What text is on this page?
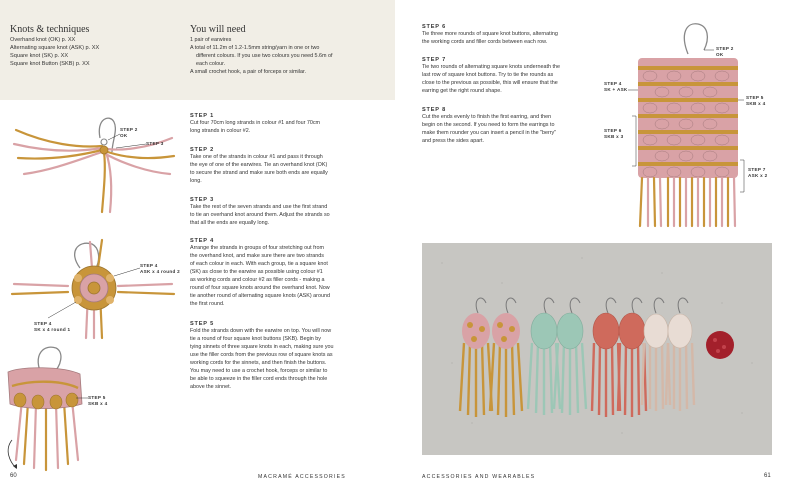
Knots & techniques
Overhand knot (OK) p. XX
Alternating square knot (ASK) p. XX
Square knot (SK) p. XX
Square knot Button (SKB) p. XX
You will need
1 pair of earwires
A total of 11.2m of 1.2-1.5mm string/yarn in one or two
different colours. If you use two colours you need 5.6m of
each colour.
A small crochet hook, a pair of forceps or similar.
STEP 1

Cut four 70cm long strands in colour #1 and four 70cm

long strands in colour #2.

STEP 2

Take one of the strands in colour #1 and pass it through

the eye of one of the earwires. Tie an overhand knot (OK)

to secure the strand and make sure both ends are equally

long.

STEP 3

Take the rest of the seven strands and use the first strand

to tie an overhand knot around them. Adjust the strands so

that all the ends are equally long.

STEP 4

Arrange the strands in groups of four stretching out from

the overhand knot, and make sure there are two strands

of each colour in each. With each group, tie a square knot

(SK) as close to the earwire as possible using colour #1

as working cords and colour #2 as filler cords - making a

round of four square knots around the overhand knot. Now

tie another round of alternating square knots (ASK) around

the first round.

STEP 5

Fold the strands down with the earwire on top. You will now

tie a round of four square knot buttons (SKB). Begin by

tying sinnets of three square knots in each, making sure you

use the filler cords from the previous row of square knots as

working cords for the sinnets, and then finish the buttons.

You may need to use a crochet hook, forceps or similar to

be able to squeeze in the filler cord ends through the hole

above the sinnet.

STEP 2
OK
STEP 3
STEP 4
ASK x 4 round 2
STEP 4
SK x 4 round 1
STEP 5
SKB x 4
60	MACRAMÉ ACCESSORIES
STEP 6

Tie three more rounds of square knot buttons, alternating

the working cords and filler cords between each row.

STEP 7

Tie two rounds of alternating square knots underneath the

last row of square knot buttons. Try to tie the rounds as

close to the previous as possible, this will ensure that the

earring get the right round shape.

STEP 8

Cut the ends evenly to finish the first earring, and then

begin on the second. If you need to form the earrings to

make them rounder you can insert a pencil in the "berry"

and press the sides apart.

STEP 2
OK
STEP 4
SK + ASK
STEP 5
SKB x 4
STEP 6
SKB x 3
STEP 7
ASK x 2
ACCESSORIES AND WEARABLES	61
